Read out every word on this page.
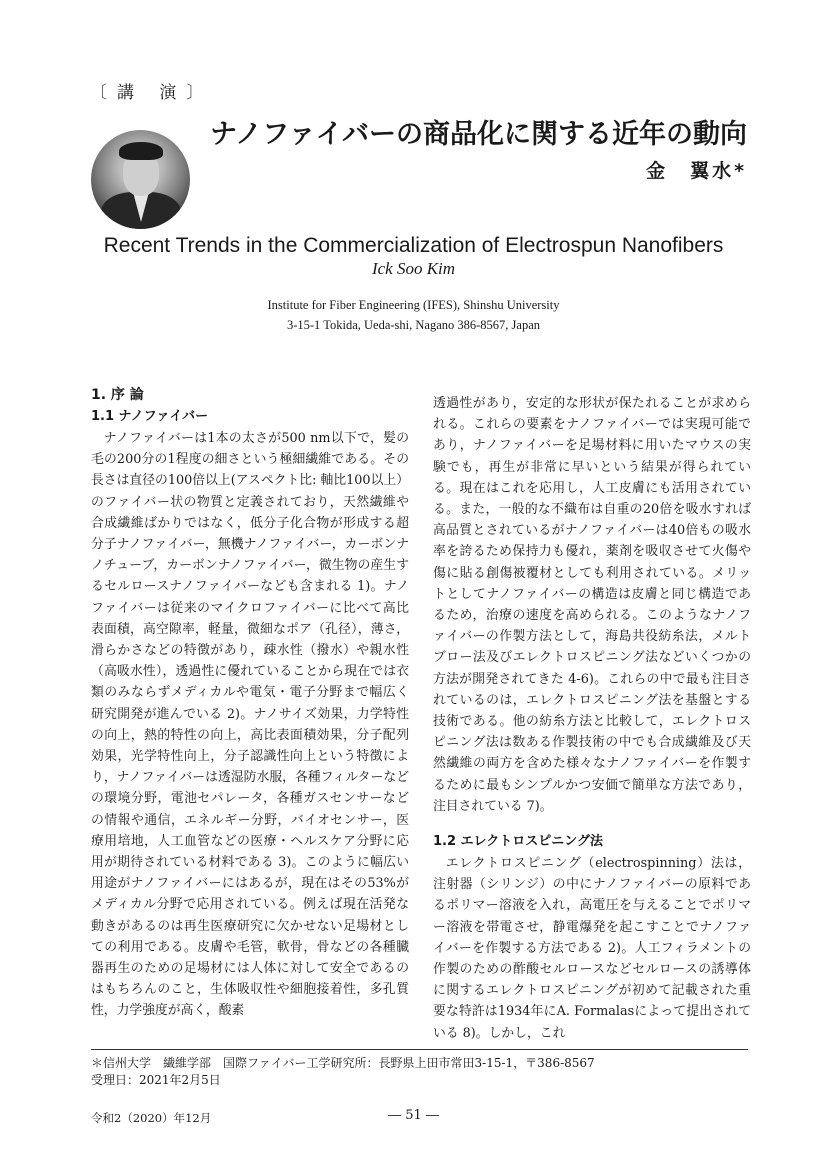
〔講 演〕
ナノファイバーの商品化に関する近年の動向
金　翼水*
Recent Trends in the Commercialization of Electrospun Nanofibers
Ick Soo Kim
Institute for Fiber Engineering (IFES), Shinshu University
3-15-1 Tokida, Ueda-shi, Nagano 386-8567, Japan
1. 序 論
1.1 ナノファイバー

ナノファイバーは1本の太さが500 nm以下で，髪の毛の200分の1程度の細さという極細繊維である。その長さは直径の100倍以上(アスペクト比: 軸比100以上）のファイバー状の物質と定義されており，天然繊維や合成繊維ばかりではなく，低分子化合物が形成する超分子ナノファイバー，無機ナノファイバー，カーボンナノチューブ，カーボンナノファイバー，微生物の産生するセルロースナノファイバーなども含まれる 1)。ナノファイバーは従来のマイクロファイバーに比べて高比表面積，高空隙率，軽量，微細なポア（孔径），薄さ，滑らかさなどの特徴があり，疎水性（撥水）や親水性（高吸水性），透過性に優れていることから現在では衣類のみならずメディカルや電気・電子分野まで幅広く研究開発が進んでいる 2)。ナノサイズ効果，力学特性の向上，熱的特性の向上，高比表面積効果，分子配列効果，光学特性向上，分子認識性向上という特徴により，ナノファイバーは透湿防水服，各種フィルターなどの環境分野，電池セパレータ，各種ガスセンサーなどの情報や通信，エネルギー分野，バイオセンサー，医療用培地，人工血管などの医療・ヘルスケア分野に応用が期待されている材料である 3)。このように幅広い用途がナノファイバーにはあるが，現在はその53%がメディカル分野で応用されている。例えば現在活発な動きがあるのは再生医療研究に欠かせない足場材としての利用である。皮膚や毛管，軟骨，骨などの各種臓器再生のための足場材には人体に対して安全であるのはもちろんのこと，生体吸収性や細胞接着性，多孔質性，力学強度が高く，酸素

透過性があり，安定的な形状が保たれることが求められる。これらの要素をナノファイバーでは実現可能であり，ナノファイバーを足場材料に用いたマウスの実験でも，再生が非常に早いという結果が得られている。現在はこれを応用し，人工皮膚にも活用されている。また，一般的な不織布は自重の20倍を吸水すれば高品質とされているがナノファイバーは40倍もの吸水率を誇るため保持力も優れ，薬剤を吸収させて火傷や傷に貼る創傷被覆材としても利用されている。メリットとしてナノファイバーの構造は皮膚と同じ構造であるため，治療の速度を高められる。このようなナノファイバーの作製方法として，海島共役紡糸法，メルトブロー法及びエレクトロスピニング法などいくつかの方法が開発されてきた 4-6)。これらの中で最も注目されているのは，エレクトロスピニング法を基盤とする技術である。他の紡糸方法と比較して，エレクトロスピニング法は数ある作製技術の中でも合成繊維及び天然繊維の両方を含めた様々なナノファイバーを作製するために最もシンプルかつ安価で簡単な方法であり，注目されている 7)。

1.2 エレクトロスピニング法

エレクトロスピニング（electrospinning）法は，注射器（シリンジ）の中にナノファイバーの原料であるポリマー溶液を入れ，高電圧を与えることでポリマー溶液を帯電させ，静電爆発を起こすことでナノファイバーを作製する方法である 2)。人工フィラメントの作製のための酢酸セルロースなどセルロースの誘導体に関するエレクトロスピニングが初めて記載された重要な特許は1934年にA. Formalasによって提出されている 8)。しかし，これ

＊信州大学　繊維学部　国際ファイバー工学研究所：長野県上田市常田3-15-1，〒386-8567
受理日：2021年2月5日
令和2（2020）年12月	― 51 ―
